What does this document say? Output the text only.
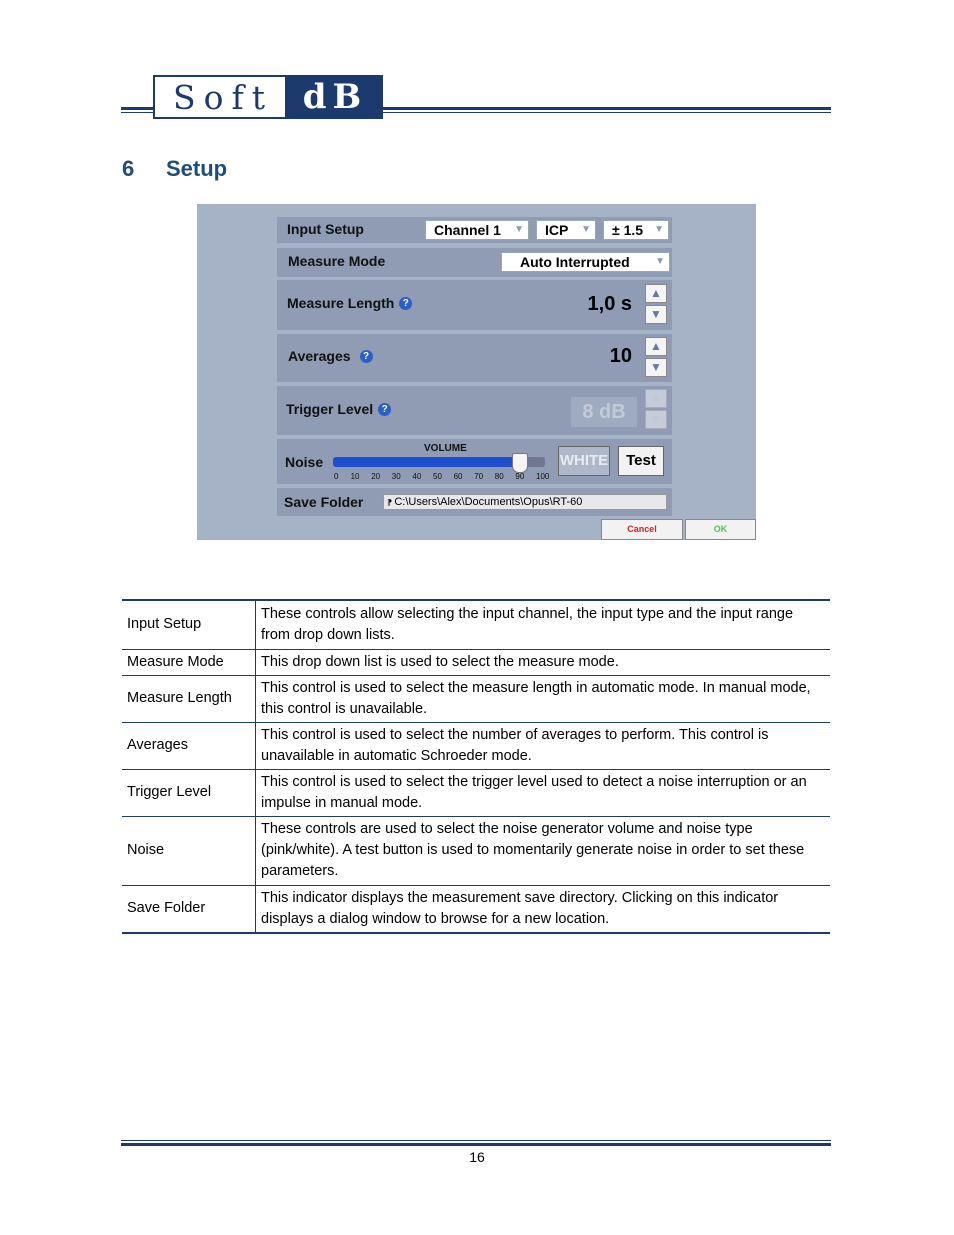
Soft dB
6 Setup
Input Setup	Channel 1 ▼	ICP ▼	± 1.5 ▼
Measure Mode	Auto Interrupted	▼
Measure Length ?	1,0 s	▲
▼
Averages ?	10	▲
▼
Trigger Level ?	8 dB
▲
▼
Noise
VOLUME
0 10 20 30 40 50 60 70 80 90 100
WHITE	Test
Save Folder	⁋ C:\Users\Alex\Documents\Opus\RT-60
Cancel	OK
Input Setup	These controls allow selecting the input channel, the input type and the input range from drop down lists.
Measure Mode	This drop down list is used to select the measure mode.
Measure Length	This control is used to select the measure length in automatic mode. In manual mode, this control is unavailable.
Averages	This control is used to select the number of averages to perform. This control is unavailable in automatic Schroeder mode.
Trigger Level	This control is used to select the trigger level used to detect a noise interruption or an impulse in manual mode.
Noise	These controls are used to select the noise generator volume and noise type (pink/white). A test button is used to momentarily generate noise in order to set these parameters.
Save Folder	This indicator displays the measurement save directory. Clicking on this indicator displays a dialog window to browse for a new location.
16
